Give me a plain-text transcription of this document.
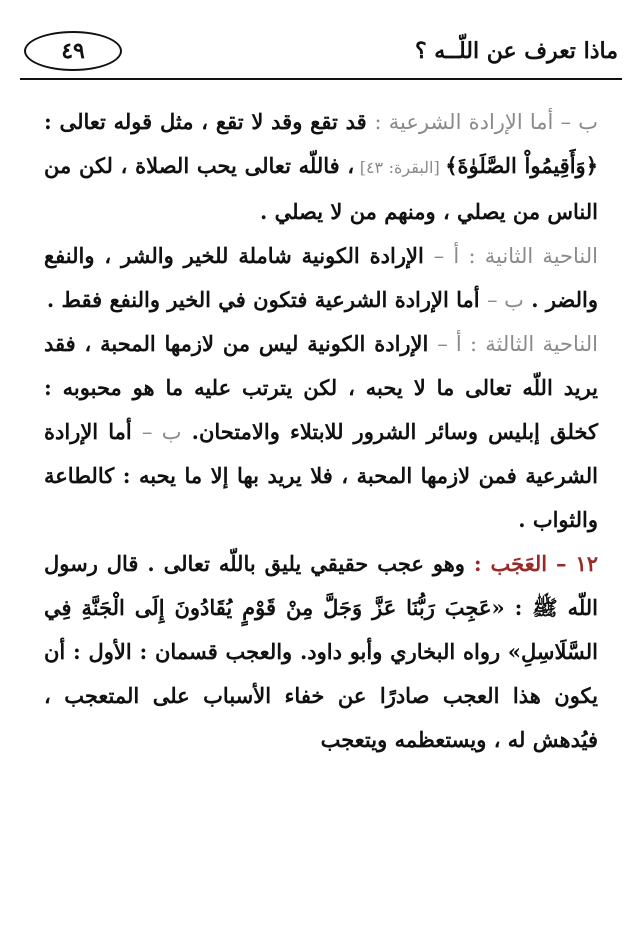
ماذا تعرف عن اللّــه ؟
٤٩

ب – أما الإرادة الشرعية : قد تقع وقد لا تقع ، مثل قوله تعالى : ﴿وَأَقِيمُواْ الصَّلَوٰةَ﴾ [البقرة: ٤٣] ، فاللّه تعالى يحب الصلاة ، لكن من الناس من يصلي ، ومنهم من لا يصلي .

الناحية الثانية : أ – الإرادة الكونية شاملة للخير والشر ، والنفع والضر . ب – أما الإرادة الشرعية فتكون في الخير والنفع فقط .

الناحية الثالثة : أ – الإرادة الكونية ليس من لازمها المحبة ، فقد يريد اللّه تعالى ما لا يحبه ، لكن يترتب عليه ما هو محبوبه : كخلق إبليس وسائر الشرور للابتلاء والامتحان. ب – أما الإرادة الشرعية فمن لازمها المحبة ، فلا يريد بها إلا ما يحبه : كالطاعة والثواب .

١٢ – العَجَب : وهو عجب حقيقي يليق باللّه تعالى . قال رسول اللّه ﷺ : «عَجِبَ رَبُّنَا عَزَّ وَجَلَّ مِنْ قَوْمٍ يُقَادُونَ إِلَى الْجَنَّةِ فِي السَّلَاسِلِ» رواه البخاري وأبو داود. والعجب قسمان : الأول : أن يكون هذا العجب صادرًا عن خفاء الأسباب على المتعجب ، فيُدهش له ، ويستعظمه ويتعجب
